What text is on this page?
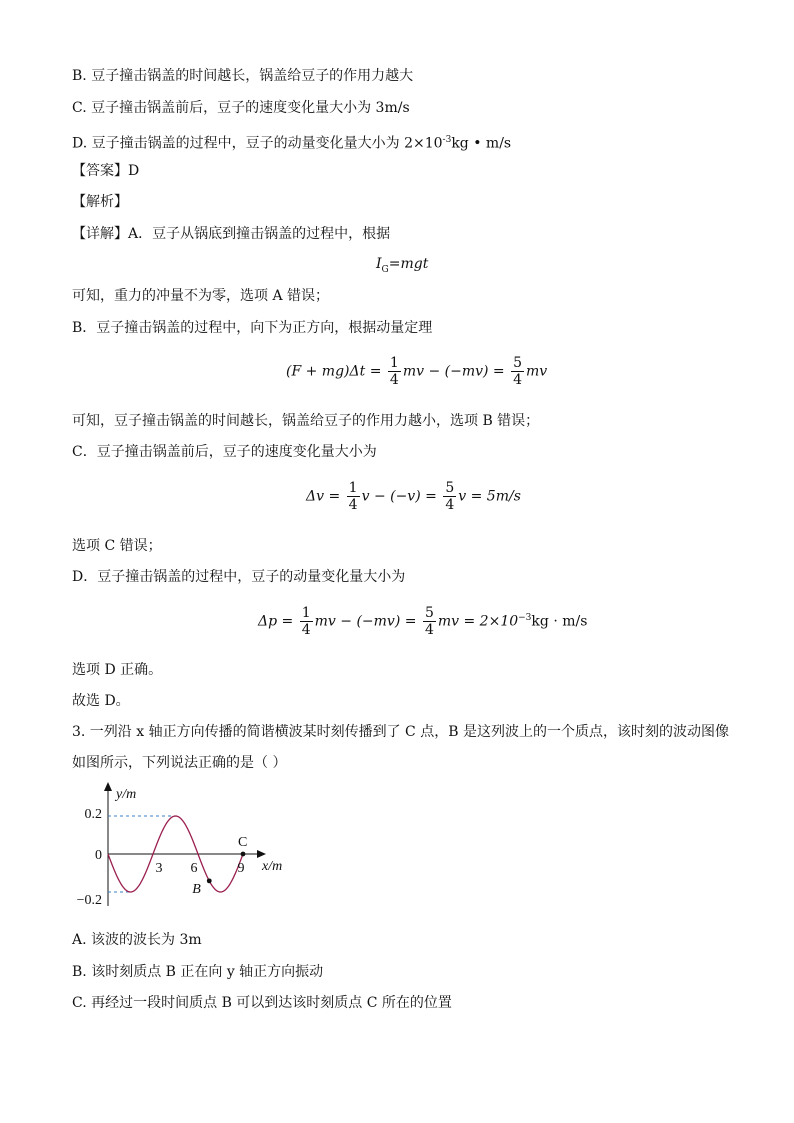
B. 豆子撞击锅盖的时间越长，锅盖给豆子的作用力越大
C. 豆子撞击锅盖前后，豆子的速度变化量大小为 3m/s
D. 豆子撞击锅盖的过程中，豆子的动量变化量大小为 $2\times 10^{-3}kg$ • m/s
【答案】D
【解析】
【详解】A．豆子从锅底到撞击锅盖的过程中，根据
$I_G=mgt$
可知，重力的冲量不为零，选项 A 错误；
B．豆子撞击锅盖的过程中，向下为正方向，根据动量定理
$(F + mg)\Delta t = \frac{1}{4}$ mv − $(-mv) = \frac{5}{4}$ mv
可知，豆子撞击锅盖的时间越长，锅盖给豆子的作用力越小，选项 B 错误；
C．豆子撞击锅盖前后，豆子的速度变化量大小为
$\Delta v = \frac{1}{4}$ $v - (-v) = \frac{5}{4}$ v = 5m/s
选项 C 错误；
D．豆子撞击锅盖的过程中，豆子的动量变化量大小为
$\Delta p = \frac{1}{4}$ mv − $(-mv) = \frac{5}{4}$ mv = $2\times 10^{-3}kg \cdot m/s$
选项 D 正确。
故选 D。
3. 一列沿 x 轴正方向传播的简谐横波某时刻传播到了 C 点，B 是这列波上的一个质点，该时刻的波动图像
如图所示，下列说法正确的是（ ）
y/m
x/m
0.2
0
−0.2
3 6	9
B
C
A. 该波的波长为 3m
B. 该时刻质点 B 正在向 y 轴正方向振动
C. 再经过一段时间质点 B 可以到达该时刻质点 C 所在的位置
